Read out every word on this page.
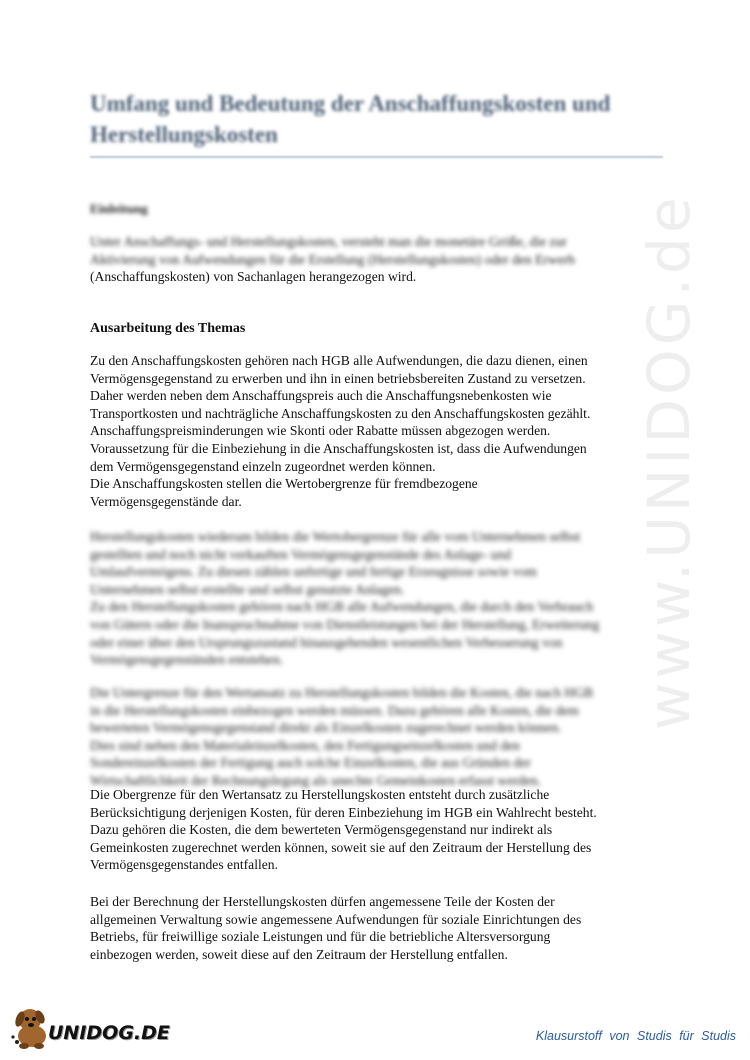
Umfang und Bedeutung der Anschaffungskosten und Herstellungskosten
Einleitung

Unter Anschaffungs- und Herstellungskosten, versteht man die monetäre Größe, die zur

Aktivierung von Aufwendungen für die Erstellung (Herstellungskosten) oder den Erwerb

(Anschaffungskosten) von Sachanlagen herangezogen wird.

Ausarbeitung des Themas

Zu den Anschaffungskosten gehören nach HGB alle Aufwendungen, die dazu dienen, einen

Vermögensgegenstand zu erwerben und ihn in einen betriebsbereiten Zustand zu versetzen.

Daher werden neben dem Anschaffungspreis auch die Anschaffungsnebenkosten wie

Transportkosten und nachträgliche Anschaffungskosten zu den Anschaffungskosten gezählt.

Anschaffungspreisminderungen wie Skonti oder Rabatte müssen abgezogen werden.

Voraussetzung für die Einbeziehung in die Anschaffungskosten ist, dass die Aufwendungen

dem Vermögensgegenstand einzeln zugeordnet werden können.

Die Anschaffungskosten stellen die Wertobergrenze für fremdbezogene

Vermögensgegenstände dar.

Herstellungskosten wiederum bilden die Wertobergrenze für alle vom Unternehmen selbst

gestellten und noch nicht verkauften Vermögensgegenstände des Anlage- und

Umlaufvermögens. Zu diesen zählen unfertige und fertige Erzeugnisse sowie vom

Unternehmen selbst erstellte und selbst genutzte Anlagen.

Zu den Herstellungskosten gehören nach HGB alle Aufwendungen, die durch den Verbrauch

von Gütern oder die Inanspruchnahme von Dienstleistungen bei der Herstellung, Erweiterung

oder einer über den Ursprungszustand hinausgehenden wesentlichen Verbesserung von

Vermögensgegenständen entstehen.

Die Untergrenze für den Wertansatz zu Herstellungskosten bilden die Kosten, die nach HGB

in die Herstellungskosten einbezogen werden müssen. Dazu gehören alle Kosten, die dem

bewerteten Vermögensgegenstand direkt als Einzelkosten zugerechnet werden können.

Dies sind neben den Materialeinzelkosten, den Fertigungseinzelkosten und den

Sondereinzelkosten der Fertigung auch solche Einzelkosten, die aus Gründen der

Wirtschaftlichkeit der Rechnungslegung als unechte Gemeinkosten erfasst werden.

Die Obergrenze für den Wertansatz zu Herstellungskosten entsteht durch zusätzliche

Berücksichtigung derjenigen Kosten, für deren Einbeziehung im HGB ein Wahlrecht besteht.

Dazu gehören die Kosten, die dem bewerteten Vermögensgegenstand nur indirekt als

Gemeinkosten zugerechnet werden können, soweit sie auf den Zeitraum der Herstellung des

Vermögensgegenstandes entfallen.

Bei der Berechnung der Herstellungskosten dürfen angemessene Teile der Kosten der

allgemeinen Verwaltung sowie angemessene Aufwendungen für soziale Einrichtungen des

Betriebs, für freiwillige soziale Leistungen und für die betriebliche Altersversorgung

einbezogen werden, soweit diese auf den Zeitraum der Herstellung entfallen.

www.UNIDOG.de
UNIDOG.DE	Klausurstoff von Studis für Studis
